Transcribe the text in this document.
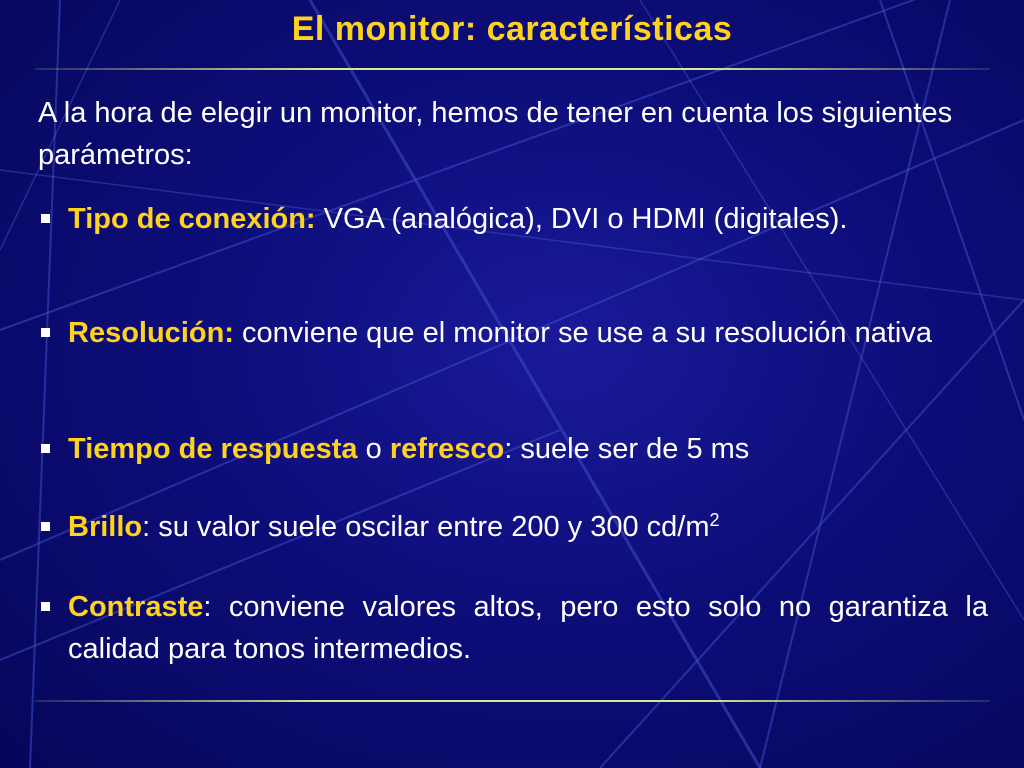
El monitor: características
A la hora de elegir un monitor, hemos de tener en cuenta los siguientes parámetros:
Tipo de conexión: VGA (analógica), DVI o HDMI (digitales).
Resolución: conviene que el monitor se use a su resolución nativa
Tiempo de respuesta o refresco: suele ser de 5 ms
Brillo: su valor suele oscilar entre 200 y 300 $cd/m^2$
Contraste: conviene valores altos, pero esto solo no garantiza la calidad para tonos intermedios.
